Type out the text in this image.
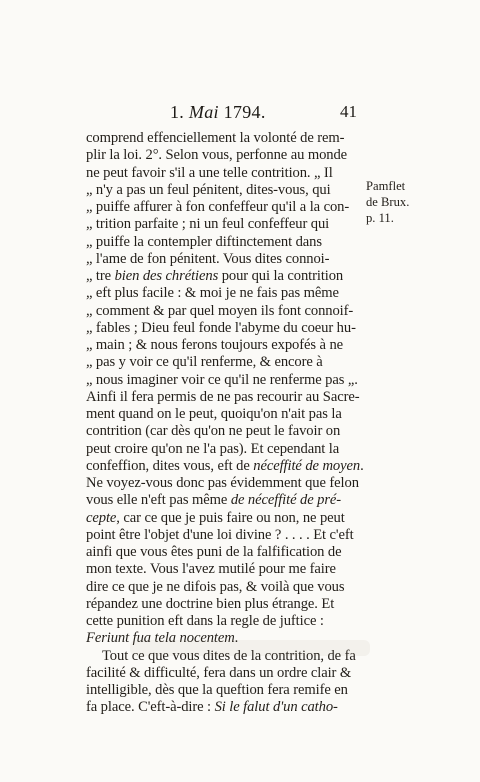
1. Mai 1794.	41
Pamflet
de Brux.
p. 11.
comprend effenciellement la volonté de rem-
plir la loi. 2°. Selon vous, perfonne au monde
ne peut favoir s'il a une telle contrition. „ Il
„ n'y a pas un feul pénitent, dites-vous, qui
„ puiffe affurer à fon confeffeur qu'il a la con-
„ trition parfaite ; ni un feul confeffeur qui
„ puiffe la contempler diftinctement dans
„ l'ame de fon pénitent. Vous dites connoi-
„ tre bien des chrétiens pour qui la contrition
„ eft plus facile : & moi je ne fais pas même
„ comment & par quel moyen ils font connoif-
„ fables ; Dieu feul fonde l'abyme du coeur hu-
„ main ; & nous ferons toujours expofés à ne
„ pas y voir ce qu'il renferme, & encore à
„ nous imaginer voir ce qu'il ne renferme pas „.
Ainfi il fera permis de ne pas recourir au Sacre-
ment quand on le peut, quoiqu'on n'ait pas la
contrition (car dès qu'on ne peut le favoir on
peut croire qu'on ne l'a pas). Et cependant la
confeffion, dites vous, eft de néceffité de moyen.
Ne voyez-vous donc pas évidemment que felon
vous elle n'eft pas même de néceffité de pré-
cepte, car ce que je puis faire ou non, ne peut
point être l'objet d'une loi divine ? . . . . Et c'eft
ainfi que vous êtes puni de la falfification de
mon texte. Vous l'avez mutilé pour me faire
dire ce que je ne difois pas, & voilà que vous
répandez une doctrine bien plus étrange. Et
cette punition eft dans la regle de juftice :
Feriunt fua tela nocentem.
Tout ce que vous dites de la contrition, de fa
facilité & difficulté, fera dans un ordre clair &
intelligible, dès que la queftion fera remife en
fa place. C'eft-à-dire : Si le falut d'un catho-
